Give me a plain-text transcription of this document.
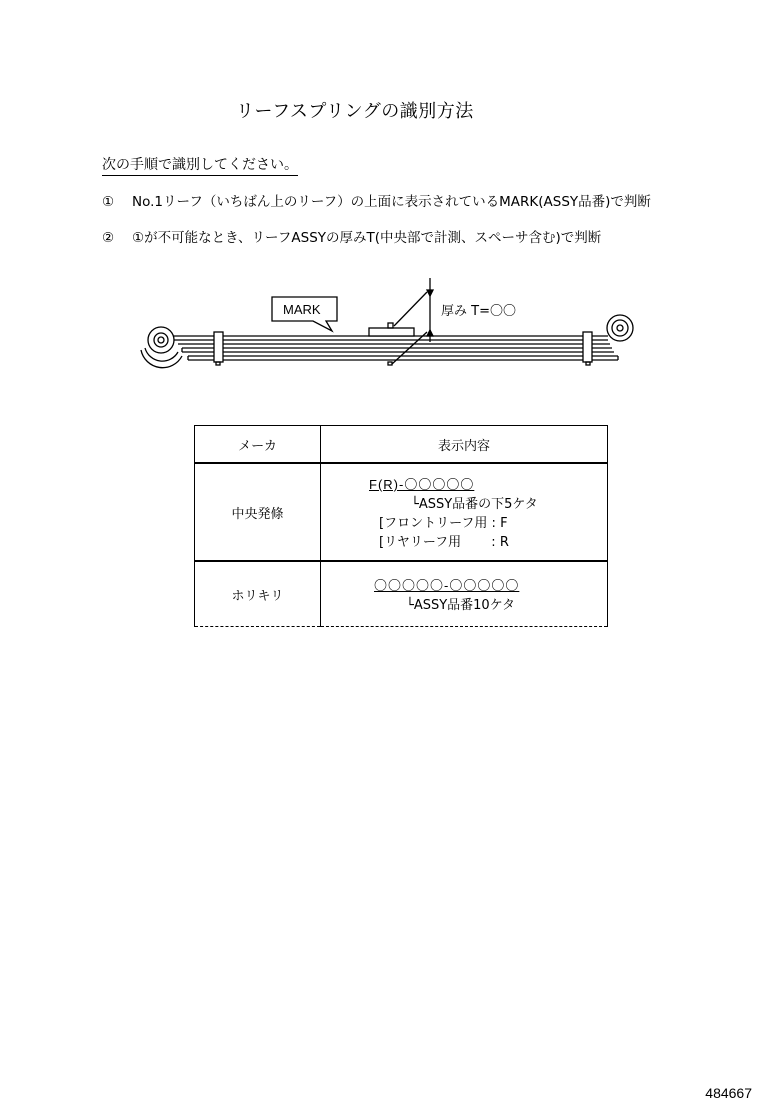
リーフスプリングの識別方法
次の手順で識別してください。
① No.1リーフ（いちばん上のリーフ）の上面に表示されているMARK(ASSY品番)で判断
② ①が不可能なとき、リーフASSYの厚みT(中央部で計測、スペーサ含む)で判断
MARK	厚み T=〇〇
メーカ	表示内容
中央発條	F(R)-〇〇〇〇〇
└ASSY品番の下5ケタ
[フロントリーフ用 : F
[リヤリーフ用　　 : R

ホリキリ	〇〇〇〇〇-〇〇〇〇〇
└ASSY品番10ケタ
484667
